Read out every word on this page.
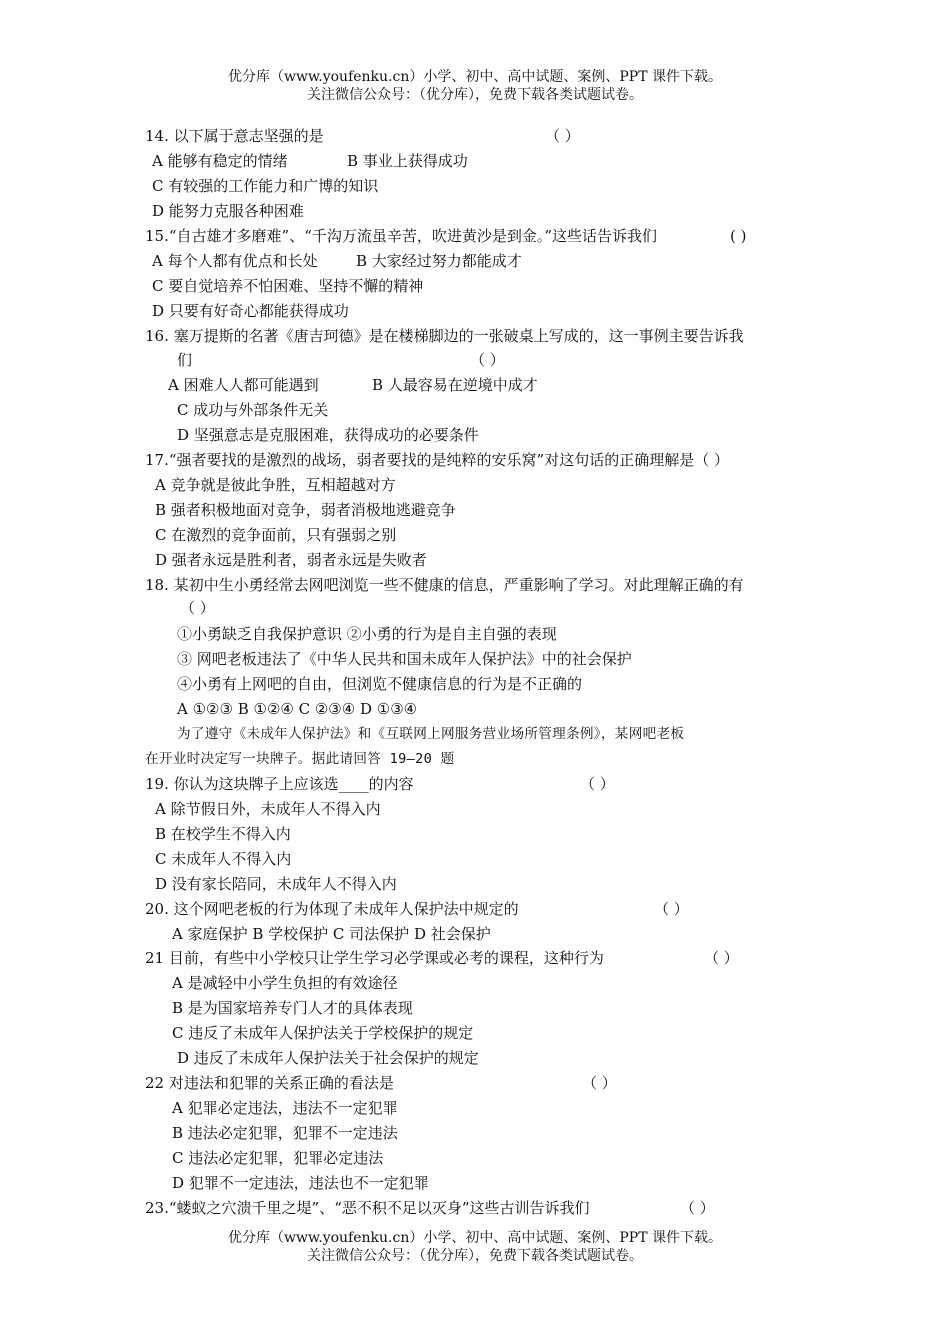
优分库（www.youfenku.cn）小学、初中、高中试题、案例、PPT 课件下载。
关注微信公众号：（优分库），免费下载各类试题试卷。
14. 以下属于意志坚强的是	（ ）
A 能够有稳定的情绪	B 事业上获得成功
C 有较强的工作能力和广博的知识
D 能努力克服各种困难
15.“自古雄才多磨难”、“千沟万流虽辛苦，吹进黄沙是到金。”这些话告诉我们	( )
A 每个人都有优点和长处	B 大家经过努力都能成才
C 要自觉培养不怕困难、坚持不懈的精神
D 只要有好奇心都能获得成功
16. 塞万提斯的名著《唐吉珂德》是在楼梯脚边的一张破桌上写成的，这一事例主要告诉我
们	（ ）
A 困难人人都可能遇到	B 人最容易在逆境中成才
C 成功与外部条件无关
D 坚强意志是克服困难，获得成功的必要条件
17.“强者要找的是激烈的战场，弱者要找的是纯粹的安乐窝”对这句话的正确理解是（ ）
A 竞争就是彼此争胜，互相超越对方
B 强者积极地面对竞争，弱者消极地逃避竞争
C 在激烈的竞争面前，只有强弱之别
D 强者永远是胜利者，弱者永远是失败者
18. 某初中生小勇经常去网吧浏览一些不健康的信息，严重影响了学习。对此理解正确的有
（ ）
①小勇缺乏自我保护意识 ②小勇的行为是自主自强的表现
③ 网吧老板违法了《中华人民共和国未成年人保护法》中的社会保护
④小勇有上网吧的自由，但浏览不健康信息的行为是不正确的
A ①②③ B ①②④ C ②③④ D ①③④
为了遵守《未成年人保护法》和《互联网上网服务营业场所管理条例》，某网吧老板
在开业时决定写一块牌子。据此请回答 19—20 题
19. 你认为这块牌子上应该选____的内容	（ ）
A 除节假日外，未成年人不得入内
B 在校学生不得入内
C 未成年人不得入内
D 没有家长陪同，未成年人不得入内
20. 这个网吧老板的行为体现了未成年人保护法中规定的	（ ）
A 家庭保护 B 学校保护 C 司法保护 D 社会保护
21 目前，有些中小学校只让学生学习必学课或必考的课程，这种行为	（ ）
A 是减轻中小学生负担的有效途径
B 是为国家培养专门人才的具体表现
C 违反了未成年人保护法关于学校保护的规定
D 违反了未成年人保护法关于社会保护的规定
22 对违法和犯罪的关系正确的看法是	（ ）
A 犯罪必定违法，违法不一定犯罪
B 违法必定犯罪，犯罪不一定违法
C 违法必定犯罪，犯罪必定违法
D 犯罪不一定违法，违法也不一定犯罪
23.“蝼蚁之穴溃千里之堤”、“恶不积不足以灭身”这些古训告诉我们	（ ）
优分库（www.youfenku.cn）小学、初中、高中试题、案例、PPT 课件下载。
关注微信公众号：（优分库），免费下载各类试题试卷。
